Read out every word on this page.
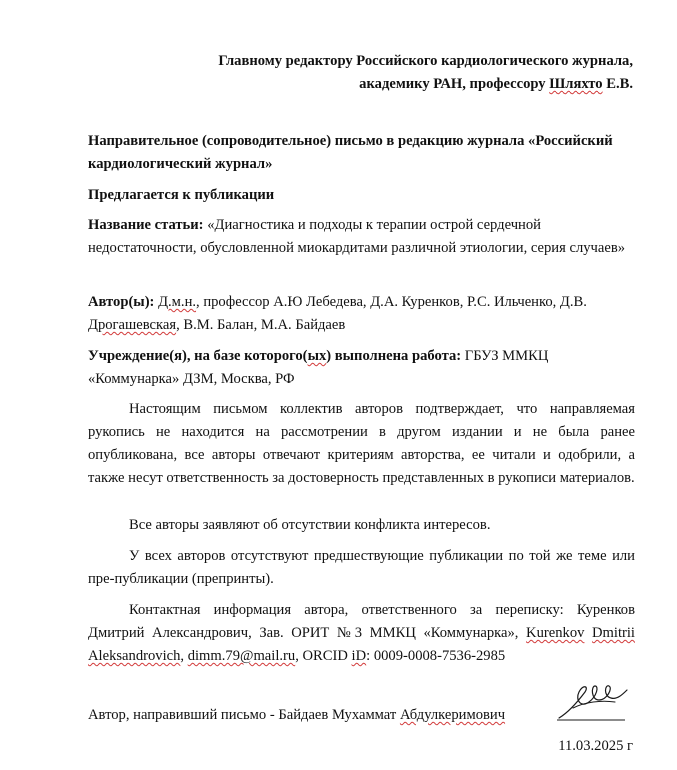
Главному редактору Российского кардиологического журнала,
академику РАН, профессору Шляхто Е.В.
Направительное (сопроводительное) письмо в редакцию журнала «Российский кардиологический журнал»
Предлагается к публикации
Название статьи: «Диагностика и подходы к терапии острой сердечной недостаточности, обусловленной миокардитами различной этиологии, серия случаев»
Автор(ы): Д.м.н., профессор А.Ю Лебедева, Д.А. Куренков, Р.С. Ильченко, Д.В. Дрогашевская, В.М. Балан, М.А. Байдаев
Учреждение(я), на базе которого(ых) выполнена работа: ГБУЗ ММКЦ «Коммунарка» ДЗМ, Москва, РФ
Настоящим письмом коллектив авторов подтверждает, что направляемая рукопись не находится на рассмотрении в другом издании и не была ранее опубликована, все авторы отвечают критериям авторства, ее читали и одобрили, а также несут ответственность за достоверность представленных в рукописи материалов.
Все авторы заявляют об отсутствии конфликта интересов.
У всех авторов отсутствуют предшествующие публикации по той же теме или пре-публикации (препринты).
Контактная информация автора, ответственного за переписку: Куренков Дмитрий Александрович, Зав. ОРИТ №3 ММКЦ «Коммунарка», Kurenkov Dmitrii Aleksandrovich, dimm.79@mail.ru, ORCID iD: 0009-0008-7536-2985
Автор, направивший письмо - Байдаев Мухаммат Абдулкеримович
11.03.2025 г
